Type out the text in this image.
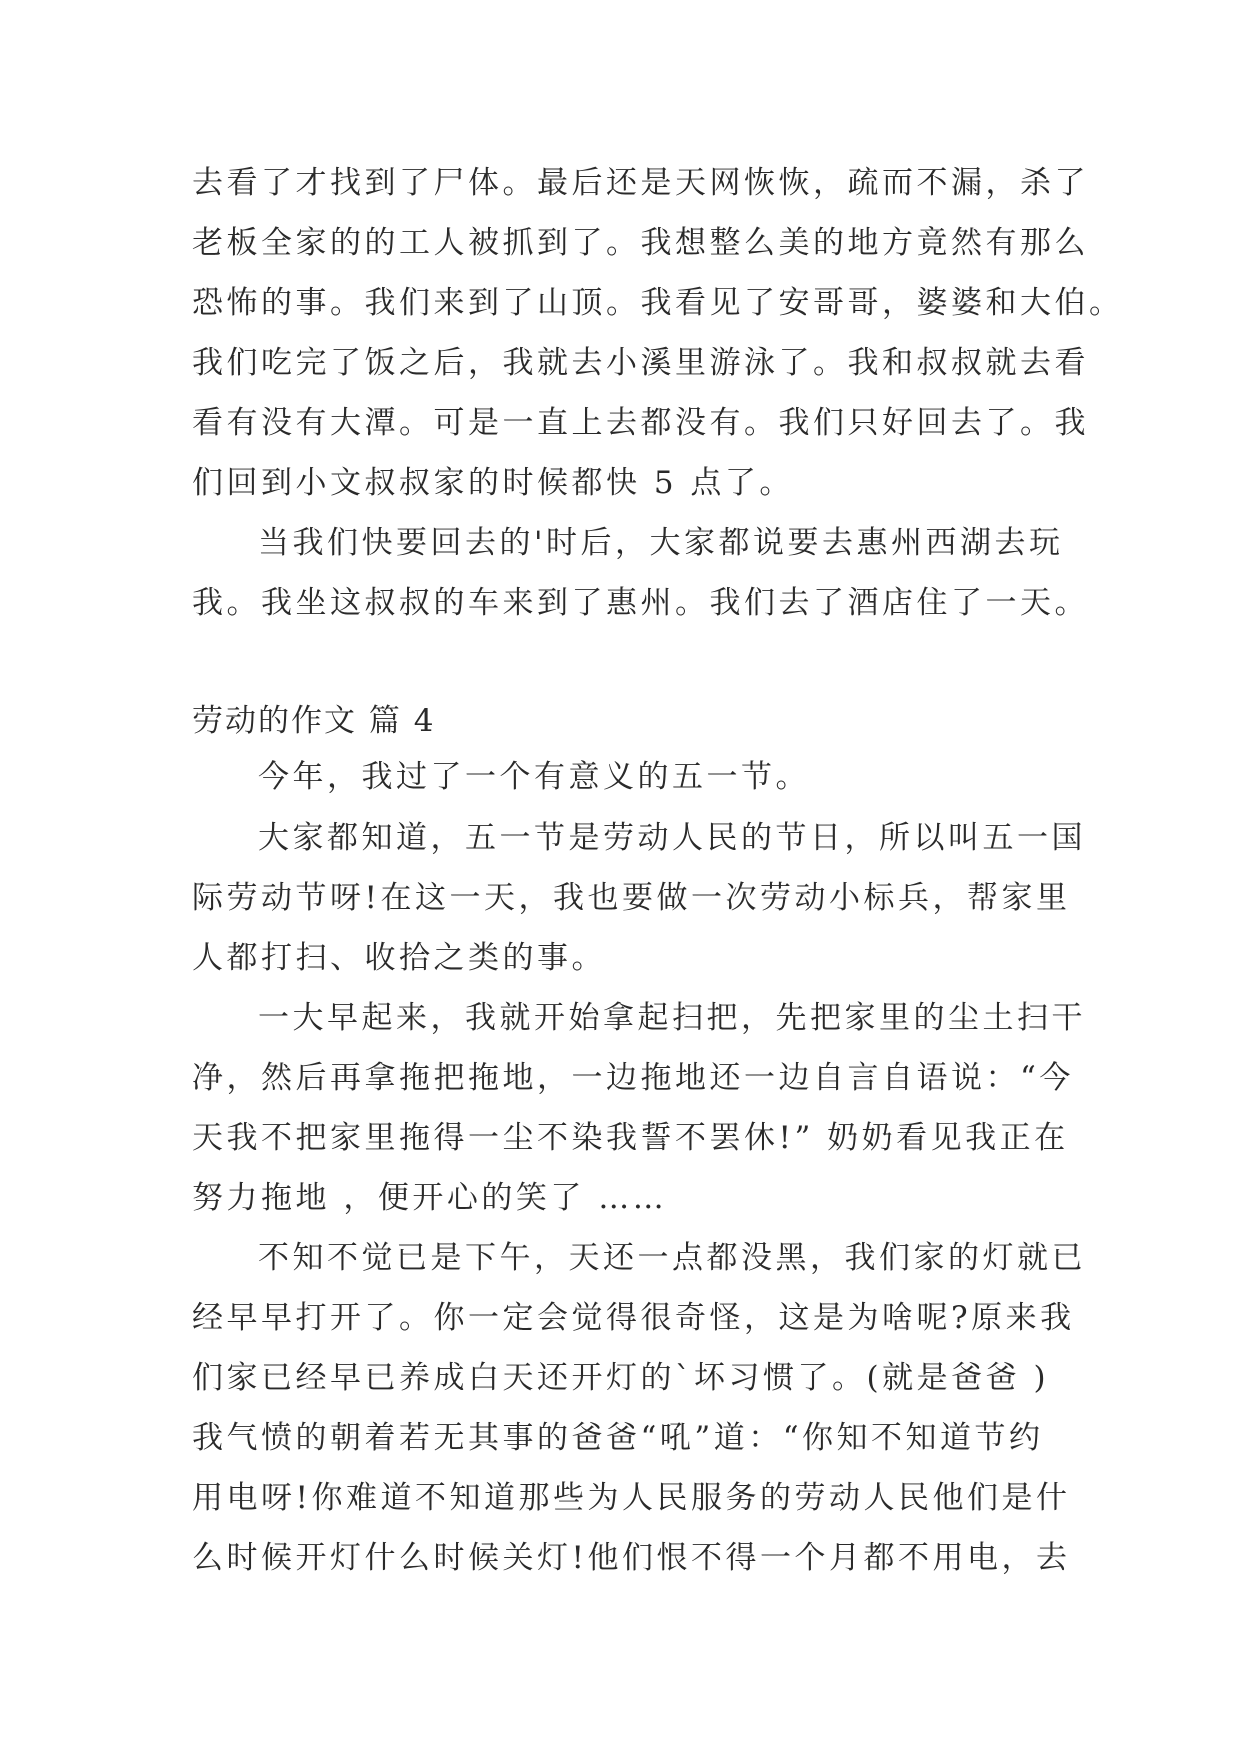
去看了才找到了尸体。最后还是天网恢恢，疏而不漏，杀了
老板全家的的工人被抓到了。我想整么美的地方竟然有那么
恐怖的事。我们来到了山顶。我看见了安哥哥，婆婆和大伯。
我们吃完了饭之后，我就去小溪里游泳了。我和叔叔就去看
看有没有大潭。可是一直上去都没有。我们只好回去了。我
们回到小文叔叔家的时候都快 5 点了。
当我们快要回去的'时后，大家都说要去惠州西湖去玩
我。我坐这叔叔的车来到了惠州。我们去了酒店住了一天。
劳动的作文 篇 4
今年，我过了一个有意义的五一节。
大家都知道，五一节是劳动人民的节日，所以叫五一国
际劳动节呀!在这一天，我也要做一次劳动小标兵，帮家里
人都打扫、收拾之类的事。
一大早起来，我就开始拿起扫把，先把家里的尘土扫干
净，然后再拿拖把拖地，一边拖地还一边自言自语说：“今
天我不把家里拖得一尘不染我誓不罢休!” 奶奶看见我正在
努力拖地 ，便开心的笑了 ……
不知不觉已是下午，天还一点都没黑，我们家的灯就已
经早早打开了。你一定会觉得很奇怪，这是为啥呢?原来我
们家已经早已养成白天还开灯的`坏习惯了。(就是爸爸 )
我气愤的朝着若无其事的爸爸“吼”道：“你知不知道节约
用电呀!你难道不知道那些为人民服务的劳动人民他们是什
么时候开灯什么时候关灯!他们恨不得一个月都不用电，去
